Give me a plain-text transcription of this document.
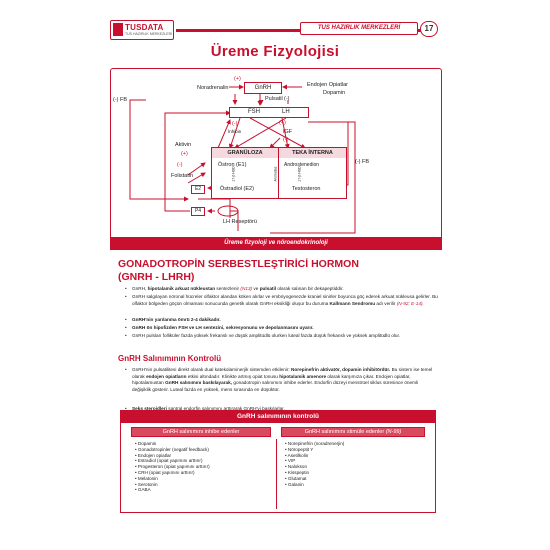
TUSDATA
TUS HAZIRLIK MERKEZLERİ
TUS HAZIRLIK MERKEZLERİ	17
Üreme Fizyolojisi
Noradrenalin
(+)
GnRH	Endojen Opiatlar
Dopamin
(-) FB	(-)
Pulsatil
FSH	LH
(-)
İnhibin	IGF
(+)
(-)
Aktivin
(+)	GRANÜLOZA	TEKA İNTERNA
Östron (E1)	Androstenedion
17-β HSD	Aromataz	17-β HSD
Östradiol (E2)	Testosteron
(-)
Folistatin
E2
(-) FB
P4
LH Reseptörü
Üreme fizyoloji ve nöroendokrinoloji
GONADOTROPİN SERBESTLEŞTİRİCİ HORMON
(GNRH - LHRH)
• GnRH, hipotalamik arkuat nükleustan sentezlenir (N13) ve pulsatil olarak salınan bir dekapeptiddir.
• GnRH salgılayan nöronal hücreler olfaktor alandan köken alırlar ve embriyogenezde kraniel sinirler boyunca göç ederek arkuat nükleusa gelirler. Bu olfaktor bölgeden göçün olmaması sonucunda genetik olarak GnRH eksikliği oluşur bu duruma Kallmann Sendromu adı verilir (N-92; E-14).
• GnRH'nin yarılanma ömrü 2-4 dakikadır.
• GnRH ön hipofizden FSH ve LH sentezini, sekresyonunu ve depolanmasını uyarır.
• GnRH pulsları folliküler fazda yüksek frekanslı ve düşük amplitüdlü olurken luteal fazda düşük frekanslı ve yüksek amplitüdlü olur.
GnRH Salınımının Kontrolü
• GnRH'nin pulsatilitesi direkt olarak dual katekolaminerjik sistemden etkilenir: Norepinefrin aktivatör, dopamin inhibitördür. Bu sistem ise temel olarak endojen opiatların etkisi altındadır. Klinikte artmış opiat tonusu hipotalamik amenore olarak karşımıza çıkar. Endojen opiatlar, hipotalamustan GnRH salınımını baskılayarak, gonadotropin salınımını inhibe ederler. Endorfin düzeyi menstrüel siklus süresince önemli değişiklik gösterir. Luteal fazda en yüksek, mens sırasında en düşüktür.
GnRH salınımının kontrolü
GnRH salınımını inhibe edenler	GnRH salınımını stimüle edenler (N-99)
• Dopamin
• Gonadotropinler (negatif feedback)
• Endojen opiatlar
• Estradiol (opiat yapımını arttırır)
• Progesteron (opiat yapımını arttırır)
• CRH (opiat yapımını arttırır)
• Melatonin
• Serotonin
• GABA
• Norepinefrin (noradrenerjin)
• Nöropeptit Y
• Asetilkolin
• VIP
• Nalokson
• Kisspeptin
• Glutamat
• Galanin
• Seks steroidleri santral endorfin salınımını arttırarak GnRH'yi baskılarlar.
